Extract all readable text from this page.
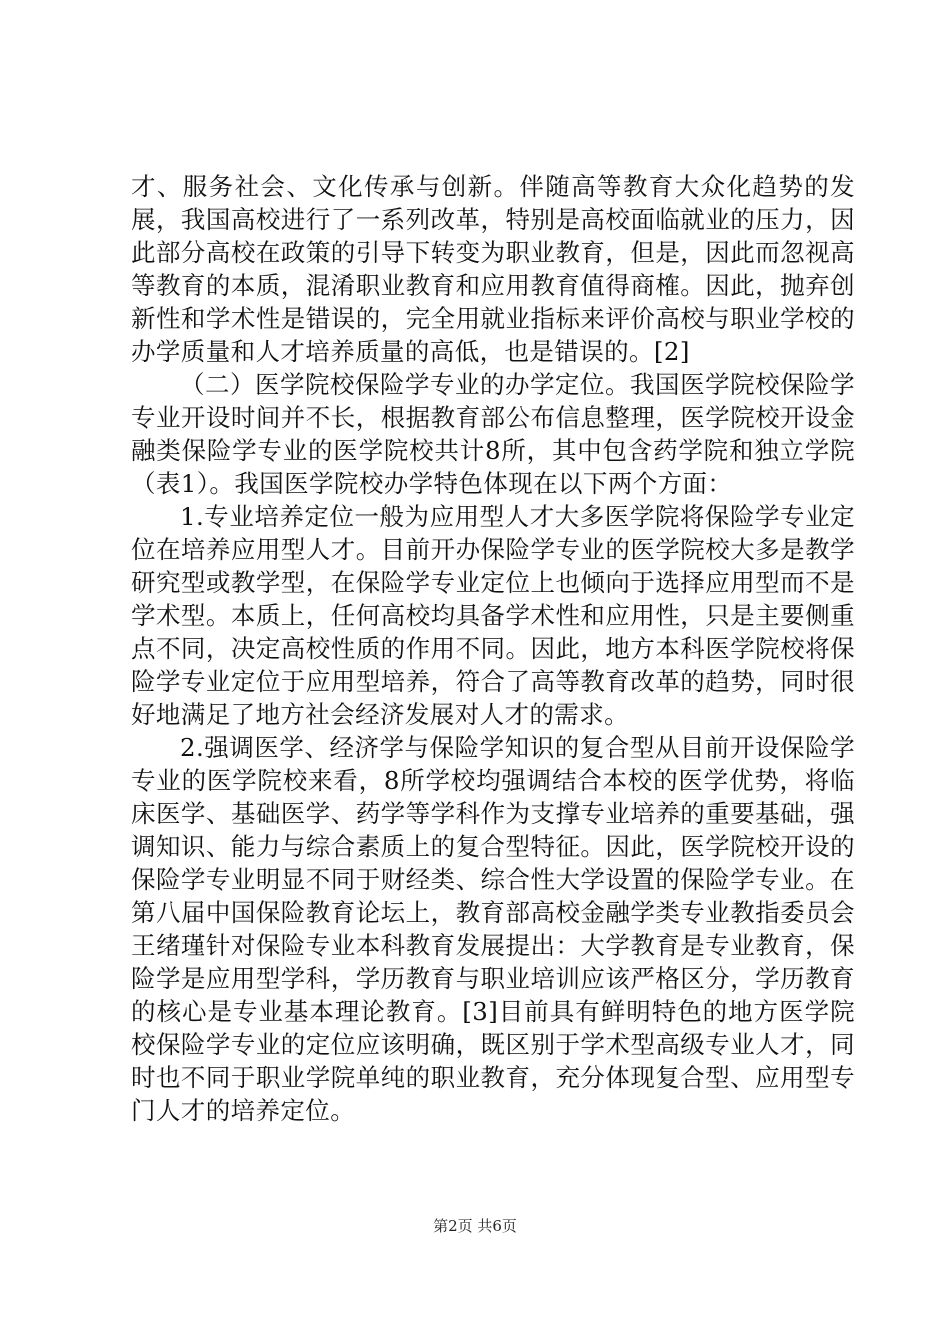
才、服务社会、文化传承与创新。伴随高等教育大众化趋势的发展，我国高校进行了一系列改革，特别是高校面临就业的压力，因此部分高校在政策的引导下转变为职业教育，但是，因此而忽视高等教育的本质，混淆职业教育和应用教育值得商榷。因此，抛弃创新性和学术性是错误的，完全用就业指标来评价高校与职业学校的办学质量和人才培养质量的高低，也是错误的。[2]

（二）医学院校保险学专业的办学定位。我国医学院校保险学专业开设时间并不长，根据教育部公布信息整理，医学院校开设金融类保险学专业的医学院校共计8所，其中包含药学院和独立学院（表1）。我国医学院校办学特色体现在以下两个方面：

1.专业培养定位一般为应用型人才大多医学院将保险学专业定位在培养应用型人才。目前开办保险学专业的医学院校大多是教学研究型或教学型，在保险学专业定位上也倾向于选择应用型而不是学术型。本质上，任何高校均具备学术性和应用性，只是主要侧重点不同，决定高校性质的作用不同。因此，地方本科医学院校将保险学专业定位于应用型培养，符合了高等教育改革的趋势，同时很好地满足了地方社会经济发展对人才的需求。

2.强调医学、经济学与保险学知识的复合型从目前开设保险学专业的医学院校来看，8所学校均强调结合本校的医学优势，将临床医学、基础医学、药学等学科作为支撑专业培养的重要基础，强调知识、能力与综合素质上的复合型特征。因此，医学院校开设的保险学专业明显不同于财经类、综合性大学设置的保险学专业。在第八届中国保险教育论坛上，教育部高校金融学类专业教指委员会王绪瑾针对保险专业本科教育发展提出：大学教育是专业教育，保险学是应用型学科，学历教育与职业培训应该严格区分，学历教育的核心是专业基本理论教育。[3]目前具有鲜明特色的地方医学院校保险学专业的定位应该明确，既区别于学术型高级专业人才，同时也不同于职业学院单纯的职业教育，充分体现复合型、应用型专门人才的培养定位。

第2页 共6页
